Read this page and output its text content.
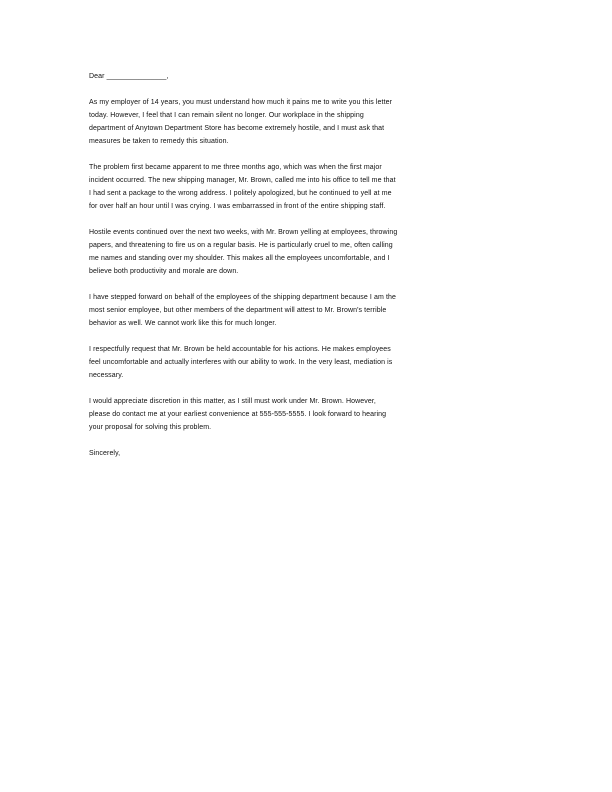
Dear _______________,
As my employer of 14 years, you must understand how much it pains me to write you this letter
today. However, I feel that I can remain silent no longer. Our workplace in the shipping
department of Anytown Department Store has become extremely hostile, and I must ask that
measures be taken to remedy this situation.
The problem first became apparent to me three months ago, which was when the first major
incident occurred. The new shipping manager, Mr. Brown, called me into his office to tell me that
I had sent a package to the wrong address. I politely apologized, but he continued to yell at me
for over half an hour until I was crying. I was embarrassed in front of the entire shipping staff.
Hostile events continued over the next two weeks, with Mr. Brown yelling at employees, throwing
papers, and threatening to fire us on a regular basis. He is particularly cruel to me, often calling
me names and standing over my shoulder. This makes all the employees uncomfortable, and I
believe both productivity and morale are down.
I have stepped forward on behalf of the employees of the shipping department because I am the
most senior employee, but other members of the department will attest to Mr. Brown's terrible
behavior as well. We cannot work like this for much longer.
I respectfully request that Mr. Brown be held accountable for his actions. He makes employees
feel uncomfortable and actually interferes with our ability to work. In the very least, mediation is
necessary.
I would appreciate discretion in this matter, as I still must work under Mr. Brown. However,
please do contact me at your earliest convenience at 555-555-5555. I look forward to hearing
your proposal for solving this problem.
Sincerely,
